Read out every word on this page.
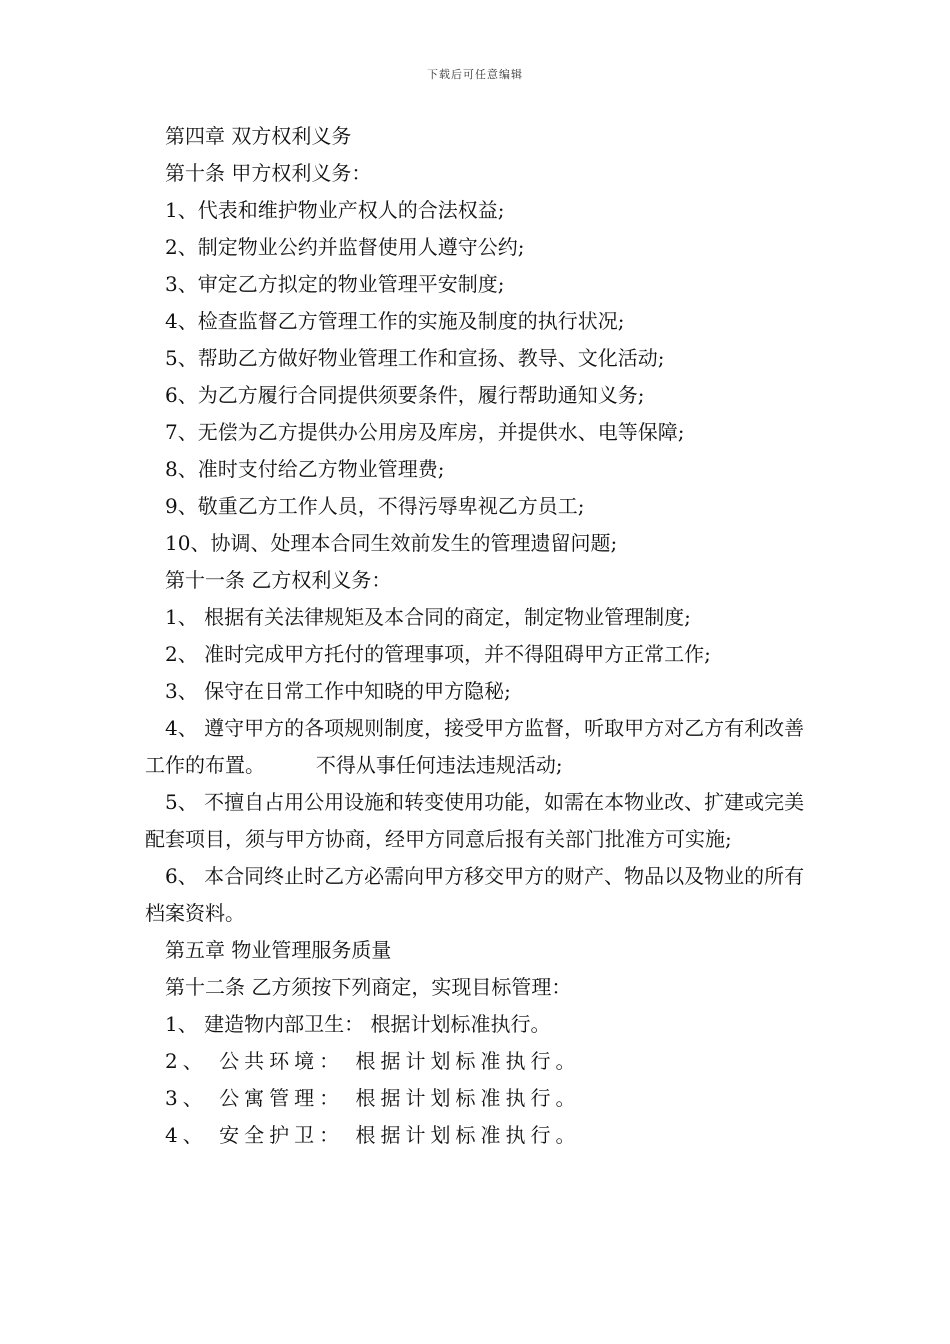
下载后可任意编辑

第四章 双方权利义务

第十条 甲方权利义务：

1、代表和维护物业产权人的合法权益;

2、制定物业公约并监督使用人遵守公约;

3、审定乙方拟定的物业管理平安制度;

4、检查监督乙方管理工作的实施及制度的执行状况;

5、帮助乙方做好物业管理工作和宣扬、教导、文化活动;

6、为乙方履行合同提供须要条件，履行帮助通知义务;

7、无偿为乙方提供办公用房及库房，并提供水、电等保障;

8、准时支付给乙方物业管理费;

9、敬重乙方工作人员，不得污辱卑视乙方员工;

10、协调、处理本合同生效前发生的管理遗留问题;

第十一条 乙方权利义务：

1、 根据有关法律规矩及本合同的商定，制定物业管理制度;

2、 准时完成甲方托付的管理事项，并不得阻碍甲方正常工作;

3、 保守在日常工作中知晓的甲方隐秘;

4、 遵守甲方的各项规则制度，接受甲方监督，听取甲方对乙方有利改善工作的布置。        不得从事任何违法违规活动;

5、 不擅自占用公用设施和转变使用功能，如需在本物业改、扩建或完美配套项目，须与甲方协商，经甲方同意后报有关部门批准方可实施;

6、 本合同终止时乙方必需向甲方移交甲方的财产、物品以及物业的所有档案资料。

第五章 物业管理服务质量

第十二条 乙方须按下列商定，实现目标管理：

1、 建造物内部卫生： 根据计划标准执行。

2、 公共环境： 根据计划标准执行。

3、 公寓管理： 根据计划标准执行。

4、 安全护卫： 根据计划标准执行。
